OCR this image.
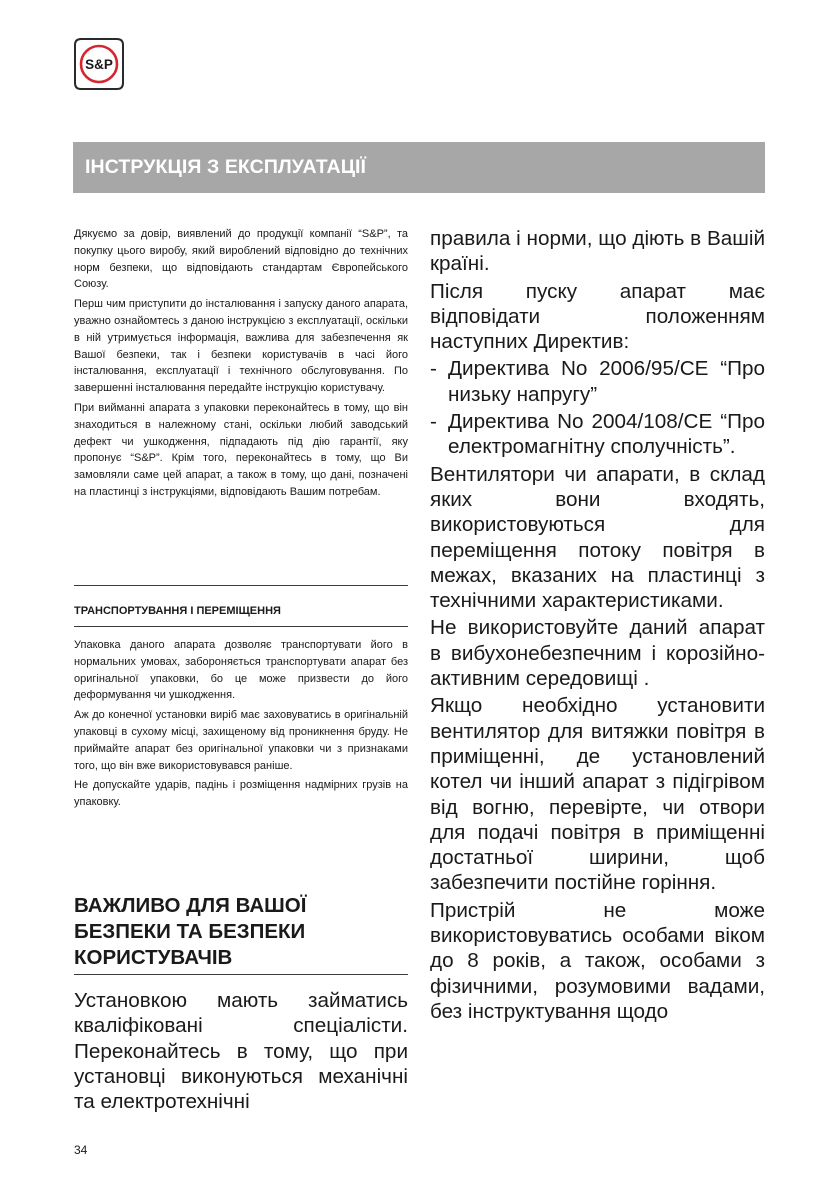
S&P
ІНСТРУКЦІЯ З ЕКСПЛУАТАЦІЇ

Дякуємо за довір, виявлений до продукції компанії “S&P”, та покупку цього виробу, який вироблений відповідно до технічних норм безпеки, що відповідають стандартам Європейського Союзу.

Перш чим приступити до інсталювання і запуску даного апарата, уважно ознайомтесь з даною інструкцією з експлуатації, оскільки в ній утримується інформація, важлива для забезпечення як Вашої безпеки, так і безпеки користувачів в часі його інсталювання, експлуатації і технічного обслуговування. По завершенні інсталювання передайте інструкцію користувачу.

При вийманні апарата з упаковки переконайтесь в тому, що він знаходиться в належному стані, оскільки любий заводський дефект чи ушкодження, підпадають під дію гарантії, яку пропонує “S&P”. Крім того, переконайтесь в тому, що Ви замовляли саме цей апарат, а також в тому, що дані, позначені на пластинці з інструкціями, відповідають Вашим потребам.

ТРАНСПОРТУВАННЯ І ПЕРЕМІЩЕННЯ

Упаковка даного апарата дозволяє транспортувати його в нормальних умовах, забороняється транспортувати апарат без оригінальної упаковки, бо це може призвести до його деформування чи ушкодження.

Аж до конечної установки виріб має заховуватись в оригінальній упаковці в сухому місці, захищеному від проникнення бруду. Не приймайте апарат без оригінальної упаковки чи з признаками того, що він вже використовувався раніше.

Не допускайте ударів, падінь і розміщення надмірних грузів на упаковку.

ВАЖЛИВО ДЛЯ ВАШОЇ
БЕЗПЕКИ ТА БЕЗПЕКИ
КОРИСТУВАЧІВ

Установкою мають займатись кваліфіковані спеціалісти. Переконайтесь в тому, що при установці виконуються механічні та електротехнічні

правила і норми, що діють в Вашій країні.

Після пуску апарат має відповідати положенням наступних Директив:

- Директива No 2006/95/CE “Про низьку напругу”
- Директива No 2004/108/CE “Про електромагнітну сполучність”.

Вентилятори чи апарати, в склад яких вони входять, використовуються для переміщення потоку повітря в межах, вказаних на пластинці з технічними характеристиками.

Не використовуйте даний апарат в вибухонебезпечним і корозійно- активним середовищі .

Якщо необхідно установити вентилятор для витяжки повітря в приміщенні, де установлений котел чи інший апарат з підігрівом від вогню, перевірте, чи отвори для подачі повітря в приміщенні достатньої ширини, щоб забезпечити постійне горіння.

Пристрій не може використовуватись особами віком до 8 років, а також, особами з фізичними, розумовими вадами, без інструктування щодо

34
